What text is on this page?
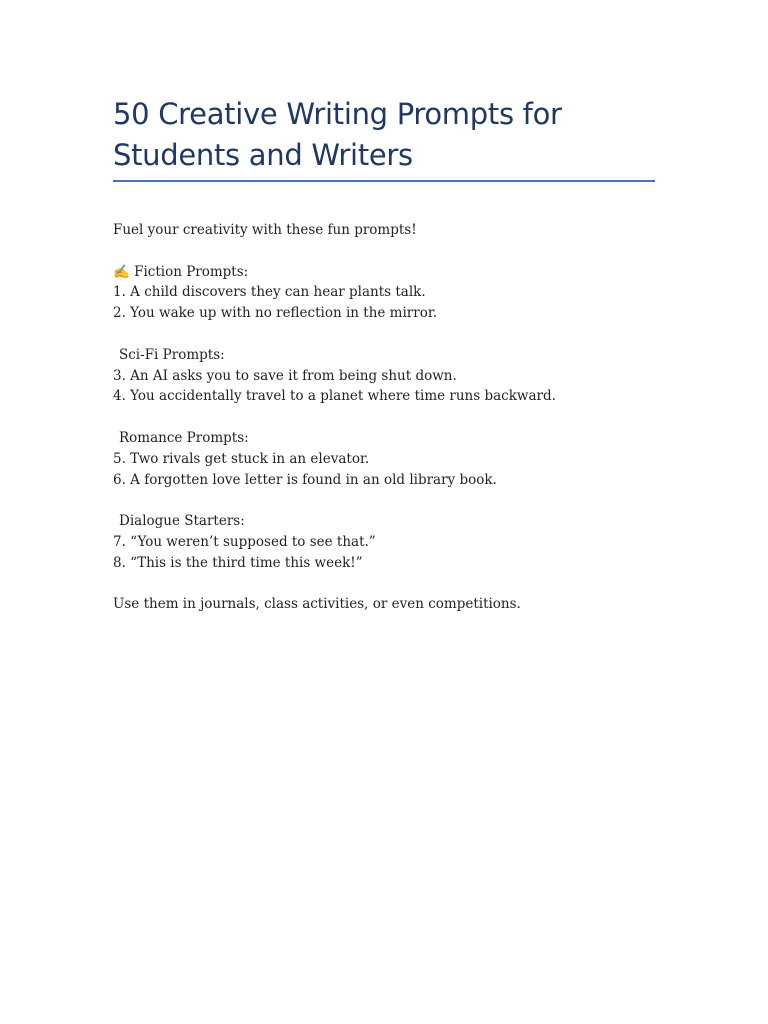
50 Creative Writing Prompts for
Students and Writers
Fuel your creativity with these fun prompts!
✍ Fiction Prompts:
1. A child discovers they can hear plants talk.
2. You wake up with no reflection in the mirror.
Sci-Fi Prompts:
3. An AI asks you to save it from being shut down.
4. You accidentally travel to a planet where time runs backward.
Romance Prompts:
5. Two rivals get stuck in an elevator.
6. A forgotten love letter is found in an old library book.
Dialogue Starters:
7. “You weren’t supposed to see that.”
8. “This is the third time this week!”
Use them in journals, class activities, or even competitions.
